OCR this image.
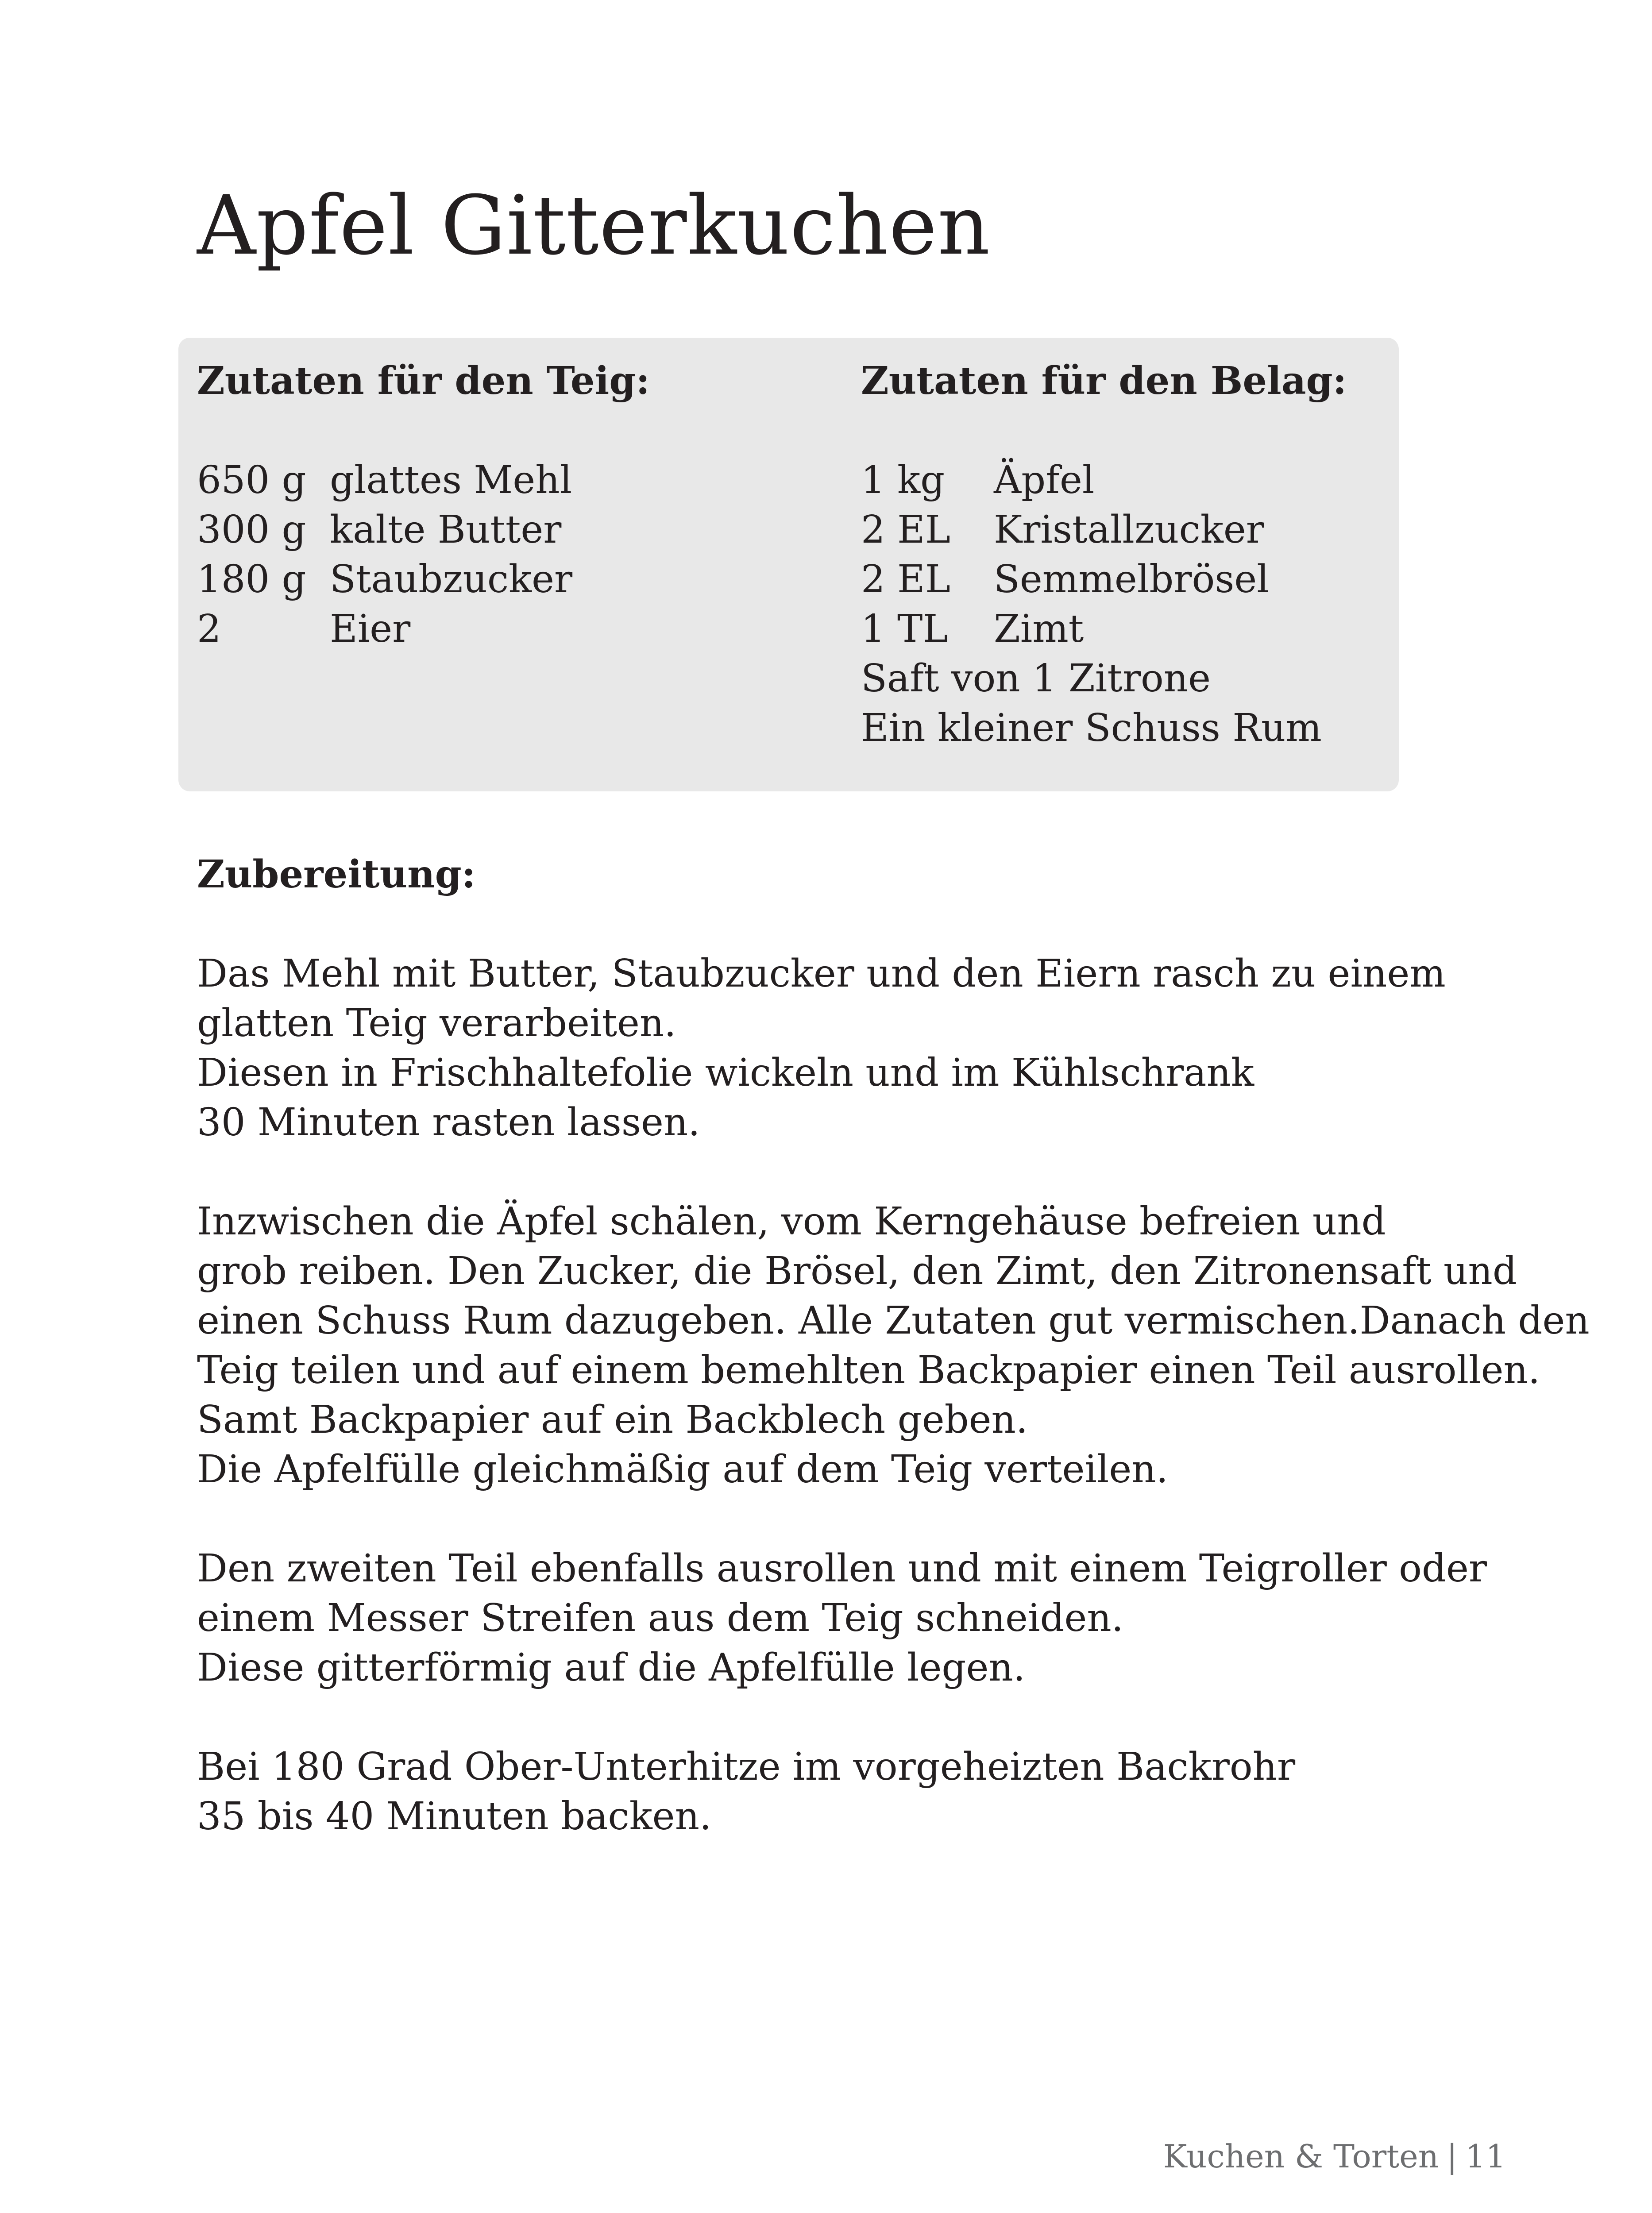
Apfel Gitterkuchen
Zutaten für den Teig:
650 g glattes Mehl
300 g kalte Butter
180 g Staubzucker
2	Eier
Zutaten für den Belag:
1 kg	Äpfel
2 EL	Kristallzucker
2 EL	Semmelbrösel
1 TL	Zimt
Saft von 1 Zitrone
Ein kleiner Schuss Rum
Zubereitung:
Das Mehl mit Butter, Staubzucker und den Eiern rasch zu einem
glatten Teig verarbeiten.
Diesen in Frischhaltefolie wickeln und im Kühlschrank
30 Minuten rasten lassen.
Inzwischen die Äpfel schälen, vom Kerngehäuse befreien und
grob reiben. Den Zucker, die Brösel, den Zimt, den Zitronensaft und
einen Schuss Rum dazugeben. Alle Zutaten gut vermischen.Danach den
Teig teilen und auf einem bemehlten Backpapier einen Teil ausrollen.
Samt Backpapier auf ein Backblech geben.
Die Apfelfülle gleichmäßig auf dem Teig verteilen.
Den zweiten Teil ebenfalls ausrollen und mit einem Teigroller oder
einem Messer Streifen aus dem Teig schneiden.
Diese gitterförmig auf die Apfelfülle legen.
Bei 180 Grad Ober-Unterhitze im vorgeheizten Backrohr
35 bis 40 Minuten backen.
Kuchen & Torten | 11
